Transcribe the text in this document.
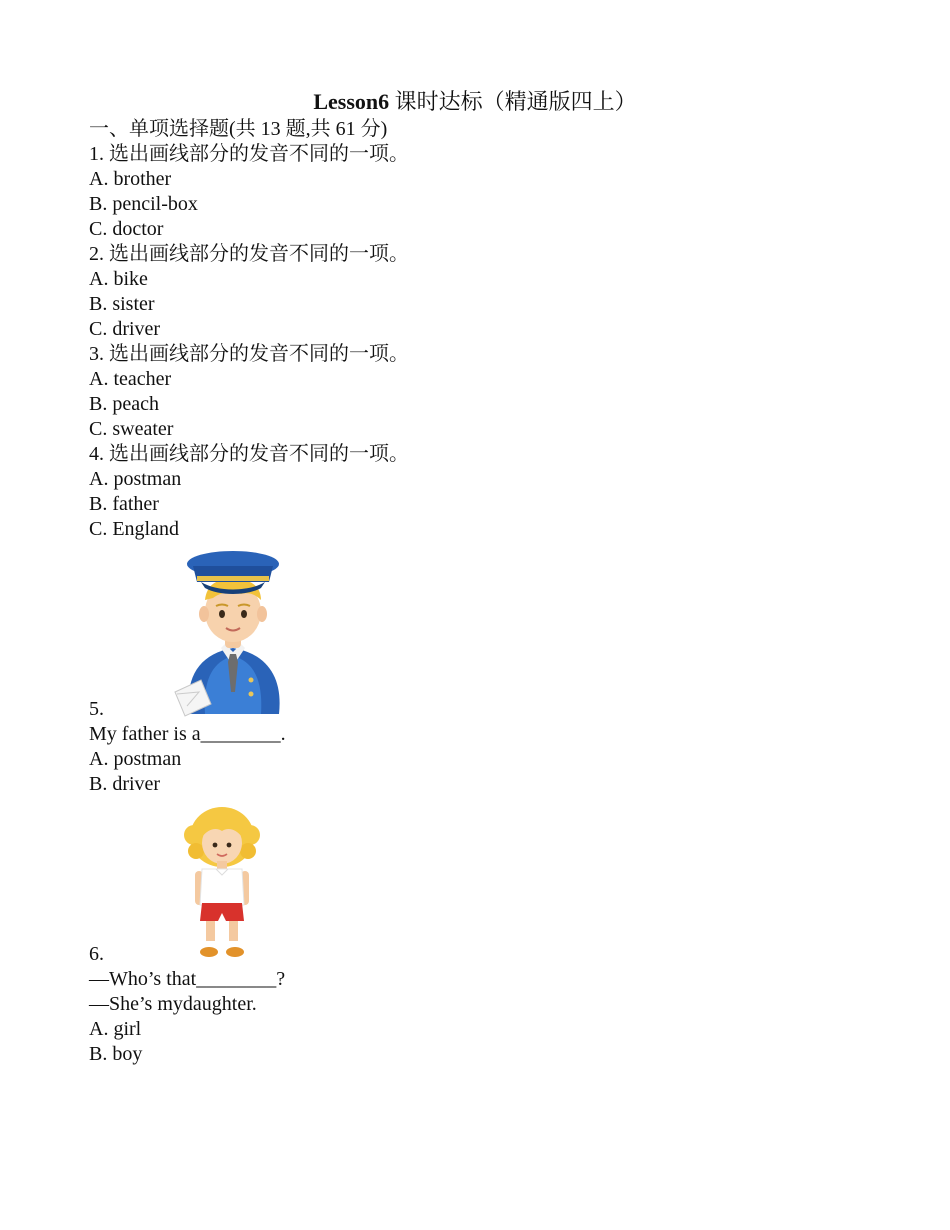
Lesson6 课时达标（精通版四上）
一、单项选择题(共 13 题,共 61 分)
1. 选出画线部分的发音不同的一项。
A. brother
B. pencil-box
C. doctor
2. 选出画线部分的发音不同的一项。
A. bike
B. sister
C. driver
3. 选出画线部分的发音不同的一项。
A. teacher
B. peach
C. sweater
4. 选出画线部分的发音不同的一项。
A. postman
B. father
C. England
5.
My father is a________.
A. postman
B. driver
6.
—Who’s that________?
—She’s mydaughter.
A. girl
B. boy
